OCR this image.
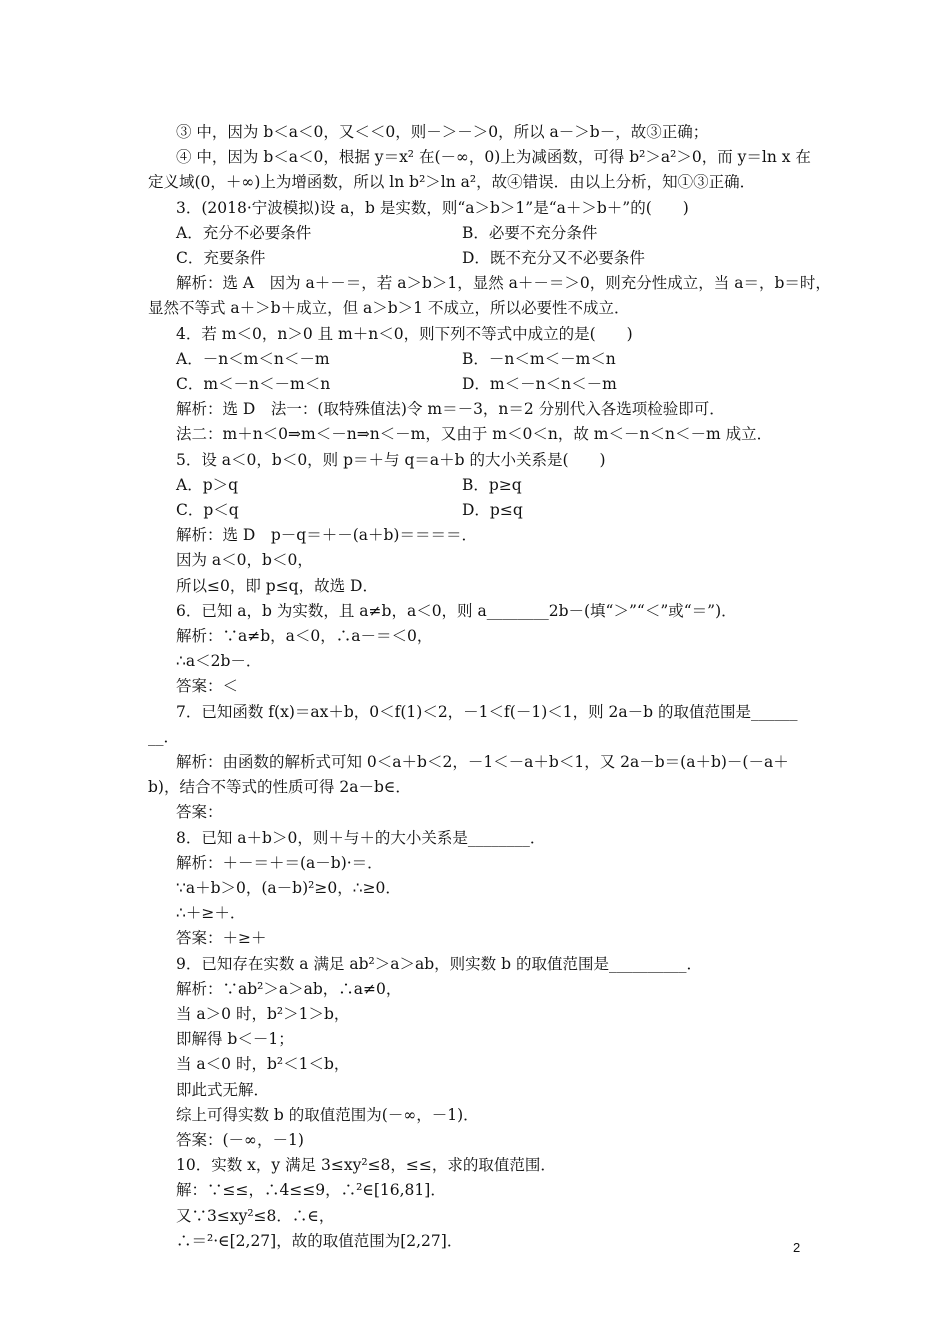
③ 中，因为 b＜a＜0，又＜＜0，则－＞－＞0，所以 a－＞b－，故③正确；
④ 中，因为 b＜a＜0，根据 y＝x² 在(－∞，0)上为减函数，可得 b²＞a²＞0，而 y＝ln x 在
定义域(0，＋∞)上为增函数，所以 ln b²＞ln a²，故④错误．由以上分析，知①③正确．
3．(2018·宁波模拟)设 a，b 是实数，则“a＞b＞1”是“a＋＞b＋”的(　　)
A．充分不必要条件	B．必要不充分条件
C．充要条件	D．既不充分又不必要条件
解析：选 A　因为 a＋－＝，若 a＞b＞1，显然 a＋－＝＞0，则充分性成立，当 a＝，b＝时，
显然不等式 a＋＞b＋成立，但 a＞b＞1 不成立，所以必要性不成立．
4．若 m＜0，n＞0 且 m＋n＜0，则下列不等式中成立的是(　　)
A．－n＜m＜n＜－m	B．－n＜m＜－m＜n
C．m＜－n＜－m＜n	D．m＜－n＜n＜－m
解析：选 D　法一：(取特殊值法)令 m＝－3，n＝2 分别代入各选项检验即可．
法二：m＋n＜0⇒m＜－n⇒n＜－m，又由于 m＜0＜n，故 m＜－n＜n＜－m 成立．
5．设 a＜0，b＜0，则 p＝＋与 q＝a＋b 的大小关系是(　　)
A．p＞q	B．p≥q
C．p＜q	D．p≤q
解析：选 D　p－q＝＋－(a＋b)＝＝＝＝．
因为 a＜0，b＜0，
所以≤0，即 p≤q，故选 D．
6．已知 a，b 为实数，且 a≠b，a＜0，则 a________2b－(填“＞”“＜”或“＝”)．
解析：∵a≠b，a＜0，∴a－＝＜0，
∴a＜2b－．
答案：＜
7．已知函数 f(x)＝ax＋b，0＜f(1)＜2，－1＜f(－1)＜1，则 2a－b 的取值范围是______
__．
解析：由函数的解析式可知 0＜a＋b＜2，－1＜－a＋b＜1，又 2a－b＝(a＋b)－(－a＋
b)，结合不等式的性质可得 2a－b∈．
答案：
8．已知 a＋b＞0，则＋与＋的大小关系是________．
解析：＋－＝＋＝(a－b)·＝．
∵a＋b＞0，(a－b)²≥0，∴≥0．
∴＋≥＋．
答案：＋≥＋
9．已知存在实数 a 满足 ab²＞a＞ab，则实数 b 的取值范围是__________．
解析：∵ab²＞a＞ab，∴a≠0，
当 a＞0 时，b²＞1＞b，
即解得 b＜－1；
当 a＜0 时，b²＜1＜b，
即此式无解．
综上可得实数 b 的取值范围为(－∞，－1)．
答案：(－∞，－1)
10．实数 x，y 满足 3≤xy²≤8，≤≤，求的取值范围．
解：∵≤≤，∴4≤≤9，∴²∈[16,81]．
又∵3≤xy²≤8．∴∈，
∴＝²·∈[2,27]，故的取值范围为[2,27]．	2
